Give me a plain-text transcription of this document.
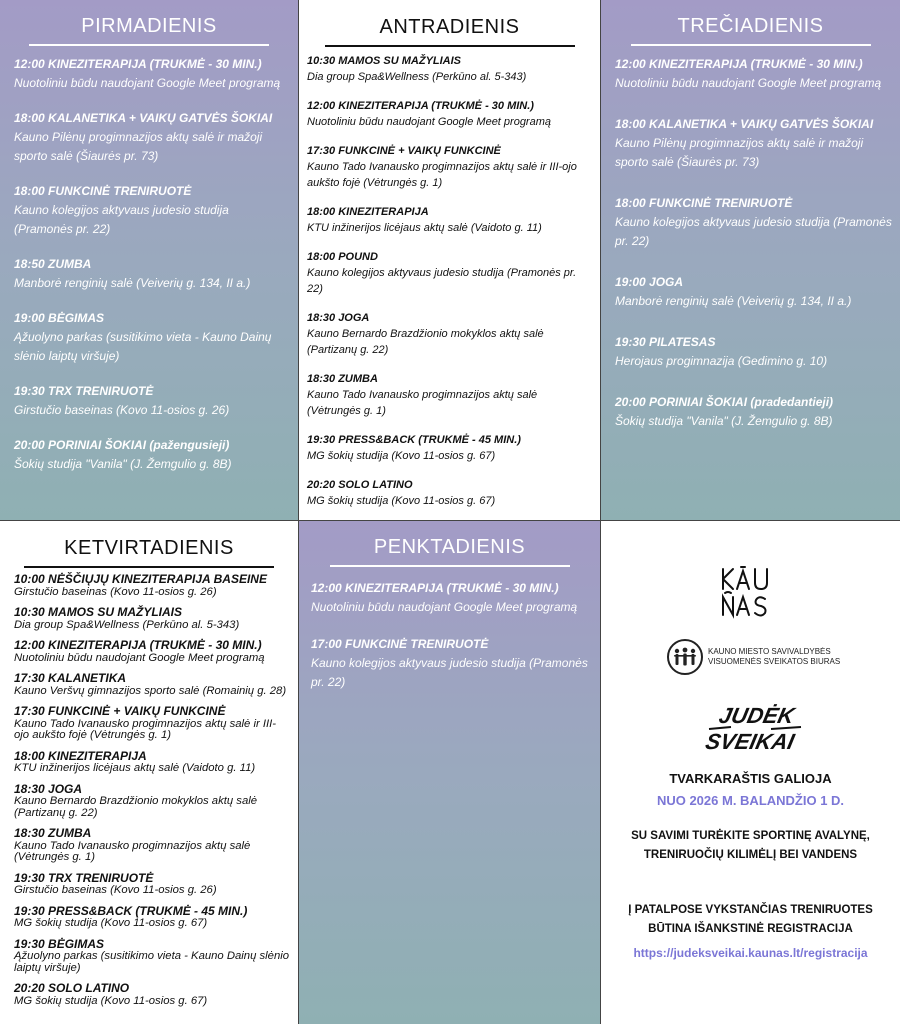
PIRMADIENIS
12:00 KINEZITERAPIJA (TRUKMĖ - 30 MIN.)
Nuotoliniu būdu naudojant Google Meet programą
18:00 KALANETIKA + VAIKŲ GATVĖS ŠOKIAI
Kauno Pilėnų progimnazijos aktų salė ir mažoji sporto salė (Šiaurės pr. 73)
18:00 FUNKCINĖ TRENIRUOTĖ
Kauno kolegijos aktyvaus judesio studija (Pramonės pr. 22)
18:50 ZUMBA
Manborė renginių salė (Veiverių g. 134, II a.)
19:00 BĖGIMAS
Ąžuolyno parkas (susitikimo vieta - Kauno Dainų slėnio laiptų viršuje)
19:30 TRX TRENIRUOTĖ
Girstučio baseinas (Kovo 11-osios g. 26)
20:00 PORINIAI ŠOKIAI (pažengusieji)
Šokių studija "Vanila" (J. Žemgulio g. 8B)
ANTRADIENIS
10:30 MAMOS SU MAŽYLIAIS
Dia group Spa&Wellness (Perkūno al. 5-343)
12:00 KINEZITERAPIJA (TRUKMĖ - 30 MIN.)
Nuotoliniu būdu naudojant Google Meet programą
17:30 FUNKCINĖ + VAIKŲ FUNKCINĖ
Kauno Tado Ivanausko progimnazijos aktų salė ir III-ojo aukšto fojė (Vėtrungės g. 1)
18:00 KINEZITERAPIJA
KTU inžinerijos licėjaus aktų salė (Vaidoto g. 11)
18:00 POUND
Kauno kolegijos aktyvaus judesio studija (Pramonės pr. 22)
18:30 JOGA
Kauno Bernardo Brazdžionio mokyklos aktų salė (Partizanų g. 22)
18:30 ZUMBA
Kauno Tado Ivanausko progimnazijos aktų salė (Vėtrungės g. 1)
19:30 PRESS&BACK (TRUKMĖ - 45 MIN.)
MG šokių studija (Kovo 11-osios g. 67)
20:20 SOLO LATINO
MG šokių studija (Kovo 11-osios g. 67)
TREČIADIENIS
12:00 KINEZITERAPIJA (TRUKMĖ - 30 MIN.)
Nuotoliniu būdu naudojant Google Meet programą
18:00 KALANETIKA + VAIKŲ GATVĖS ŠOKIAI
Kauno Pilėnų progimnazijos aktų salė ir mažoji sporto salė (Šiaurės pr. 73)
18:00 FUNKCINĖ TRENIRUOTĖ
Kauno kolegijos aktyvaus judesio studija (Pramonės pr. 22)
19:00 JOGA
Manborė renginių salė (Veiverių g. 134, II a.)
19:30 PILATESAS
Herojaus progimnazija (Gedimino g. 10)
20:00 PORINIAI ŠOKIAI (pradedantieji)
Šokių studija "Vanila" (J. Žemgulio g. 8B)
KETVIRTADIENIS
10:00 NĖŠČIŲJŲ KINEZITERAPIJA BASEINE
Girstučio baseinas (Kovo 11-osios g. 26)
10:30 MAMOS SU MAŽYLIAIS
Dia group Spa&Wellness (Perkūno al. 5-343)
12:00 KINEZITERAPIJA (TRUKMĖ - 30 MIN.)
Nuotoliniu būdu naudojant Google Meet programą
17:30 KALANETIKA
Kauno Veršvų gimnazijos sporto salė (Romainių g. 28)
17:30 FUNKCINĖ + VAIKŲ FUNKCINĖ
Kauno Tado Ivanausko progimnazijos aktų salė ir III-ojo aukšto fojė (Vėtrungės g. 1)
18:00 KINEZITERAPIJA
KTU inžinerijos licėjaus aktų salė (Vaidoto g. 11)
18:30 JOGA
Kauno Bernardo Brazdžionio mokyklos aktų salė (Partizanų g. 22)
18:30 ZUMBA
Kauno Tado Ivanausko progimnazijos aktų salė (Vėtrungės g. 1)
19:30 TRX TRENIRUOTĖ
Girstučio baseinas (Kovo 11-osios g. 26)
19:30 PRESS&BACK (TRUKMĖ - 45 MIN.)
MG šokių studija (Kovo 11-osios g. 67)
19:30 BĖGIMAS
Ąžuolyno parkas (susitikimo vieta - Kauno Dainų slėnio laiptų viršuje)
20:20 SOLO LATINO
MG šokių studija (Kovo 11-osios g. 67)
PENKTADIENIS
12:00 KINEZITERAPIJA (TRUKMĖ - 30 MIN.)
Nuotoliniu būdu naudojant Google Meet programą
17:00 FUNKCINĖ TRENIRUOTĖ
Kauno kolegijos aktyvaus judesio studija (Pramonės pr. 22)
KAUNO MIESTO SAVIVALDYBĖS
VISUOMENĖS SVEIKATOS BIURAS
JUDĖK
SVEIKAI
TVARKARAŠTIS GALIOJA
NUO 2026 M. BALANDŽIO 1 D.
SU SAVIMI TURĖKITE SPORTINĘ AVALYNĘ,
TRENIRUOČIŲ KILIMĖLĮ BEI VANDENS
Į PATALPOSE VYKSTANČIAS TRENIRUOTES
BŪTINA IŠANKSTINĖ REGISTRACIJA
https://judeksveikai.kaunas.lt/registracija
